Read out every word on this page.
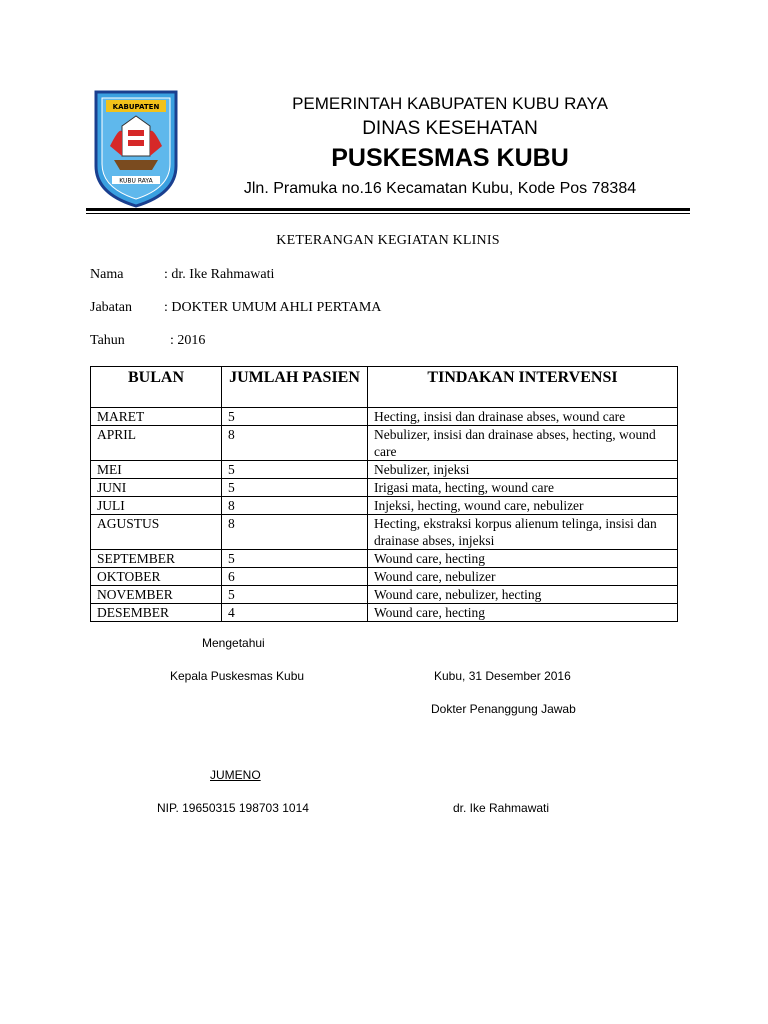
KABUPATEN
KUBU RAYA
PEMERINTAH KABUPATEN KUBU RAYA
DINAS KESEHATAN
PUSKESMAS KUBU
Jln. Pramuka no.16 Kecamatan Kubu, Kode Pos 78384
KETERANGAN KEGIATAN KLINIS
Nama	: dr. Ike Rahmawati
Jabatan : DOKTER UMUM AHLI PERTAMA
Tahun	: 2016
BULAN	JUMLAH PASIEN	TINDAKAN INTERVENSI
MARET	5	Hecting, insisi dan drainase abses, wound care
APRIL	8	Nebulizer, insisi dan drainase abses, hecting, wound care
MEI	5	Nebulizer, injeksi
JUNI	5	Irigasi mata, hecting, wound care
JULI	8	Injeksi, hecting, wound care, nebulizer
AGUSTUS	8	Hecting, ekstraksi korpus alienum telinga, insisi dan drainase abses, injeksi
SEPTEMBER	5	Wound care, hecting
OKTOBER	6	Wound care, nebulizer
NOVEMBER	5	Wound care, nebulizer, hecting
DESEMBER	4	Wound care, hecting
Mengetahui
Kepala Puskesmas Kubu	Kubu, 31 Desember 2016
Dokter Penanggung Jawab
JUMENO
NIP. 19650315 198703 1014	dr. Ike Rahmawati
